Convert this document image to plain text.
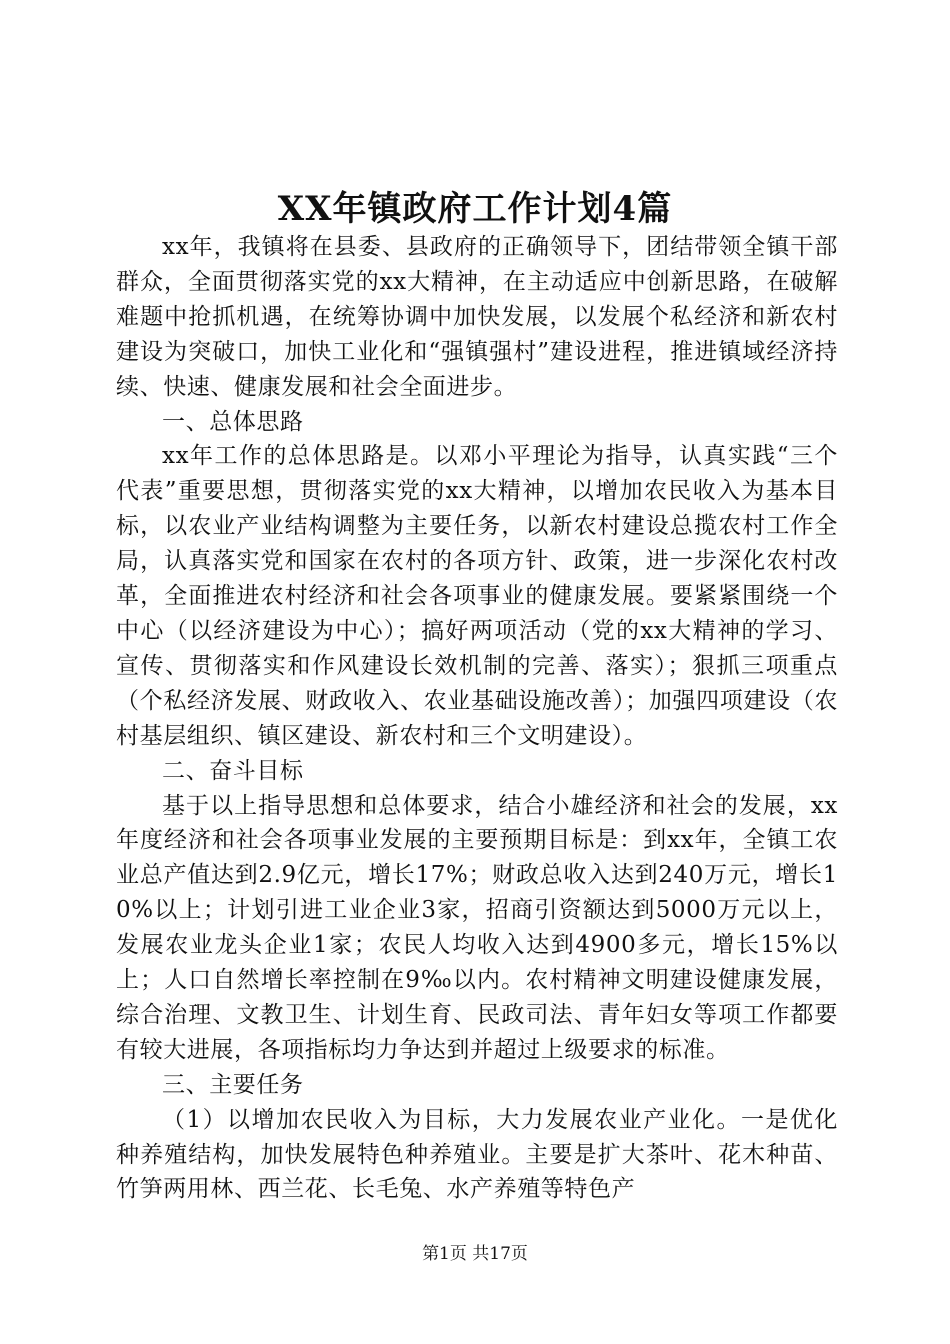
XX年镇政府工作计划4篇

xx年，我镇将在县委、县政府的正确领导下，团结带领全镇干部群众，全面贯彻落实党的xx大精神，在主动适应中创新思路，在破解难题中抢抓机遇，在统筹协调中加快发展，以发展个私经济和新农村建设为突破口，加快工业化和“强镇强村”建设进程，推进镇域经济持续、快速、健康发展和社会全面进步。

一、总体思路

xx年工作的总体思路是。以邓小平理论为指导，认真实践“三个代表”重要思想，贯彻落实党的xx大精神，以增加农民收入为基本目标，以农业产业结构调整为主要任务，以新农村建设总揽农村工作全局，认真落实党和国家在农村的各项方针、政策，进一步深化农村改革，全面推进农村经济和社会各项事业的健康发展。要紧紧围绕一个中心（以经济建设为中心）；搞好两项活动（党的xx大精神的学习、宣传、贯彻落实和作风建设长效机制的完善、落实）；狠抓三项重点（个私经济发展、财政收入、农业基础设施改善）；加强四项建设（农村基层组织、镇区建设、新农村和三个文明建设）。

二、奋斗目标

基于以上指导思想和总体要求，结合小雄经济和社会的发展，xx年度经济和社会各项事业发展的主要预期目标是：到xx年，全镇工农业总产值达到2.9亿元，增长17%；财政总收入达到240万元，增长10%以上；计划引进工业企业3家，招商引资额达到5000万元以上，发展农业龙头企业1家；农民人均收入达到4900多元，增长15%以上；人口自然增长率控制在9‰以内。农村精神文明建设健康发展，综合治理、文教卫生、计划生育、民政司法、青年妇女等项工作都要有较大进展，各项指标均力争达到并超过上级要求的标准。

三、主要任务

（1）以增加农民收入为目标，大力发展农业产业化。一是优化种养殖结构，加快发展特色种养殖业。主要是扩大茶叶、花木种苗、竹笋两用林、西兰花、长毛兔、水产养殖等特色产

第1页 共17页
